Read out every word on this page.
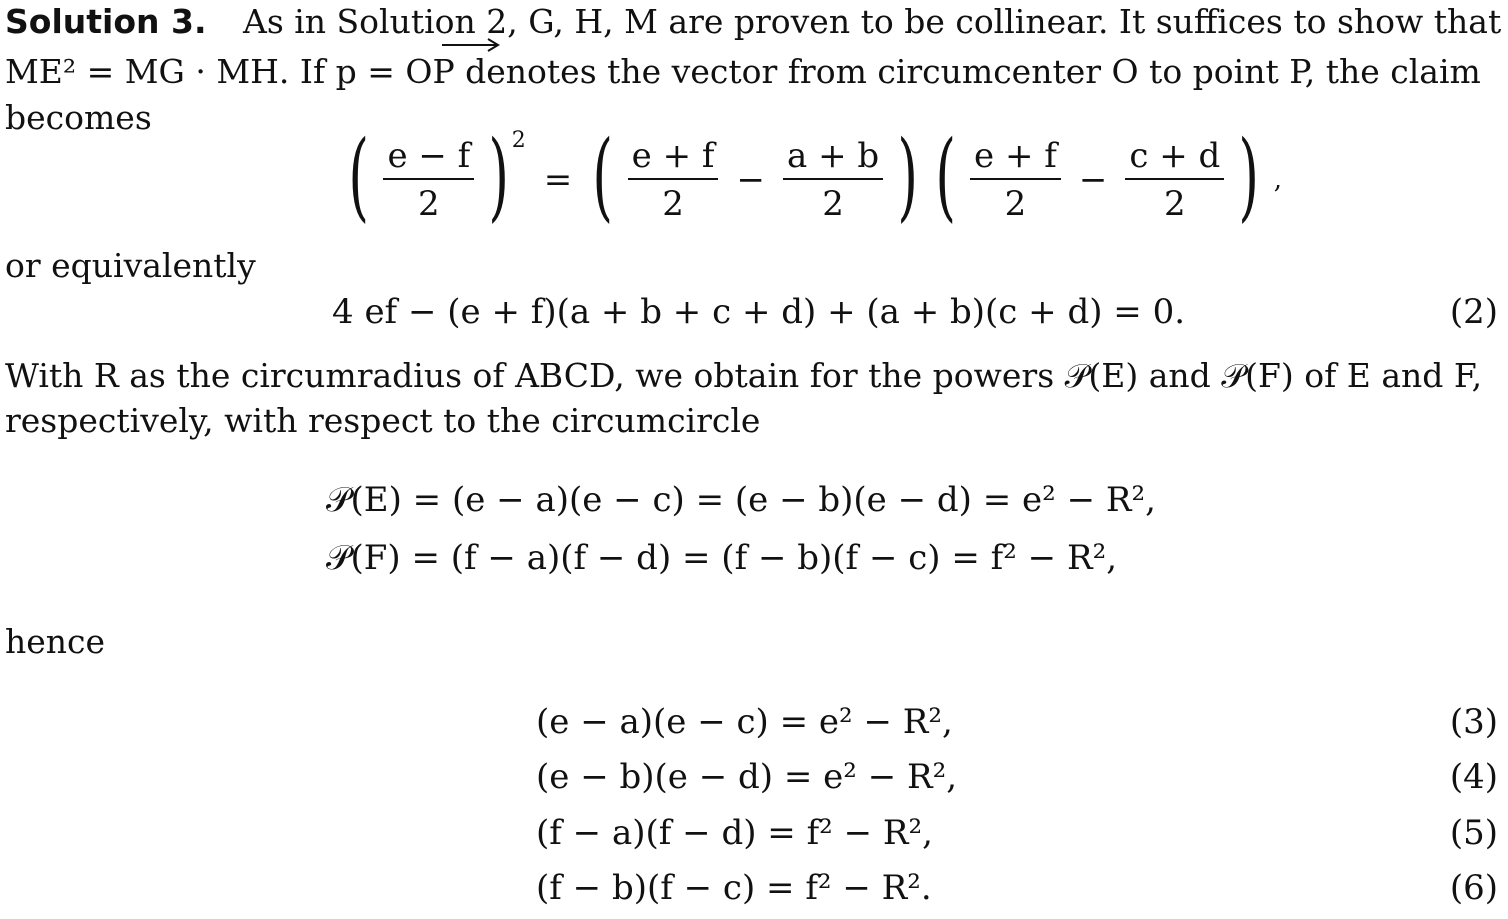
Solution 3. As in Solution 2, G, H, M are proven to be collinear. It suffices to show that
ME² = MG · MH. If p = OP denotes the vector from circumcenter O to point P, the claim
becomes
( $\frac{e - f}{2}$ ) 2
= ( $\frac{e + f}{2} - \frac{a + b}{2}$ ) ( $\frac{e + f}{2} - \frac{c + d}{2}$ ) ,
or equivalently
4 ef − (e + f)(a + b + c + d) + (a + b)(c + d) = 0.	(2)
With R as the circumradius of ABCD, we obtain for the powers 𝒫(E) and 𝒫(F) of E and F,
respectively, with respect to the circumcircle
𝒫(E) = (e − a)(e − c) = (e − b)(e − d) = e² − R²,
𝒫(F) = (f − a)(f − d) = (f − b)(f − c) = f² − R²,
hence
(e − a)(e − c) = e² − R²,	(3)
(e − b)(e − d) = e² − R²,	(4)
(f − a)(f − d) = f² − R²,	(5)
(f − b)(f − c) = f² − R².	(6)
